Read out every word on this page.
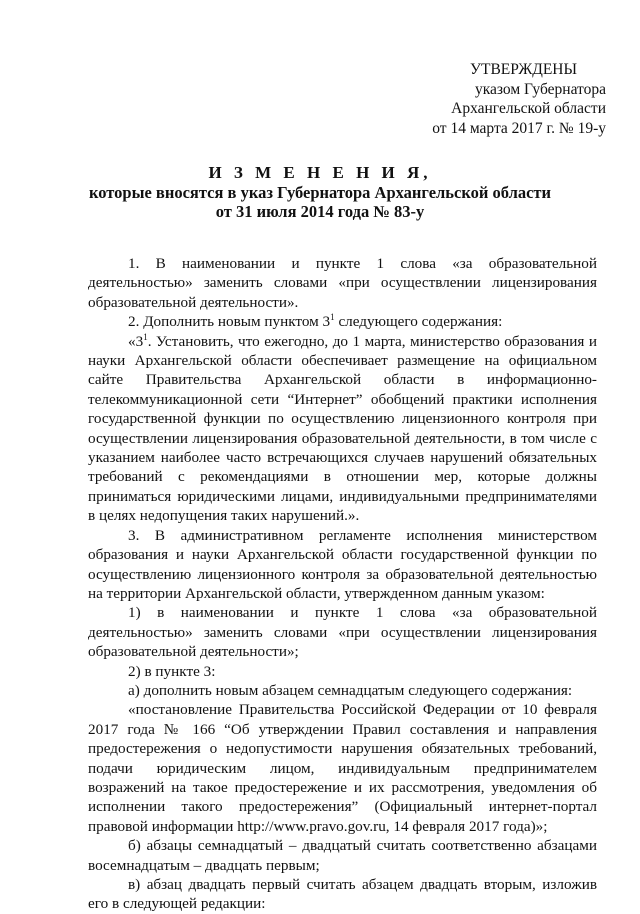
УТВЕРЖДЕНЫ
указом Губернатора
Архангельской области
от 14 марта 2017 г. № 19-у
И З М Е Н Е Н И Я,
которые вносятся в указ Губернатора Архангельской области
от 31 июля 2014 года № 83-у

1. В наименовании и пункте 1 слова «за образовательной деятельностью» заменить словами «при осуществлении лицензирования образовательной деятельности».

2. Дополнить новым пунктом $3^1$ следующего содержания:

«$3^1$. Установить, что ежегодно, до 1 марта, министерство образования и науки Архангельской области обеспечивает размещение на официальном сайте Правительства Архангельской области в информационно-телекоммуникационной сети “Интернет” обобщений практики исполнения государственной функции по осуществлению лицензионного контроля при осуществлении лицензирования образовательной деятельности, в том числе с указанием наиболее часто встречающихся случаев нарушений обязательных требований с рекомендациями в отношении мер, которые должны приниматься юридическими лицами, индивидуальными предпринимателями в целях недопущения таких нарушений.».

3. В административном регламенте исполнения министерством образования и науки Архангельской области государственной функции по осуществлению лицензионного контроля за образовательной деятельностью на территории Архангельской области, утвержденном данным указом:

1) в наименовании и пункте 1 слова «за образовательной деятельностью» заменить словами «при осуществлении лицензирования образовательной деятельности»;

2) в пункте 3:

а) дополнить новым абзацем семнадцатым следующего содержания:

«постановление Правительства Российской Федерации от 10 февраля 2017 года № 166 “Об утверждении Правил составления и направления предостережения о недопустимости нарушения обязательных требований, подачи юридическим лицом, индивидуальным предпринимателем возражений на такое предостережение и их рассмотрения, уведомления об исполнении такого предостережения” (Официальный интернет-портал правовой информации http://www.pravo.gov.ru, 14 февраля 2017 года)»;

б) абзацы семнадцатый – двадцатый считать соответственно абзацами восемнадцатым – двадцать первым;

в) абзац двадцать первый считать абзацем двадцать вторым, изложив его в следующей редакции:
